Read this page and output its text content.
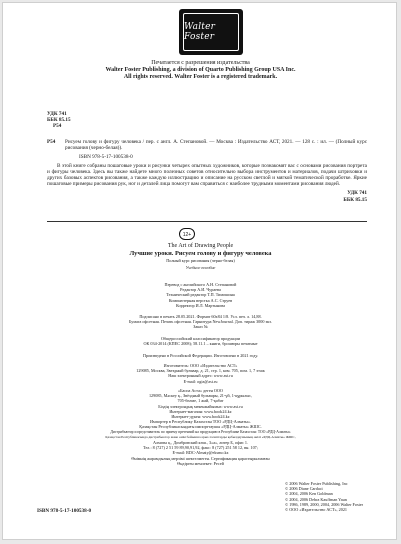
Walter Foster
Печатается с разрешения издательства
Walter Foster Publishing, a division of Quarto Publishing Group USA Inc.
All rights reserved. Walter Foster is a registered trademark.
УДК 741
ББК 85.15
Р54
Р54 Рисуем голову и фигуру человека / пер. с англ. А. Степановой. — Москва : Издательство АСТ, 2021. — 128 с. : ил. — (Полный курс рисования (черно-белая)).
ISBN 978-5-17-100538-0
В этой книге собраны пошаговые уроки и рисунки четырех опытных художников, которые познакомят вас с основами рисования портрета и фигуры человека. Здесь вы также найдете много полезных советов относительно выбора инструментов и материалов, подачи штриховки и других базовых аспектов рисования, а также каждую иллюстрацию и описание на русском светлой и мягкой тематической проработке. Яркие пошаговые примеры рисования рук, ног и деталей лица помогут вам справиться с наиболее трудными моментами рисования людей.
УДК 741
ББК 85.15
12+
The Art of Drawing People
Лучшие уроки. Рисуем голову и фигуру человека
Полный курс рисования (черно-белая)
Учебное пособие
Перевод с английского А.Н. Степановой
Редактор А.И. Чураева
Технический редактор Т.П. Тимошина
Компьютерная верстка А.С. Струев
Корректор И.Л. Мартынова
Подписано в печать 28.05.2021. Формат 60x84 1/8. Усл. печ. л. 14,88.
Бумага офсетная. Печать офсетная. Гарнитура NewJournal. Доп. тираж 3000 экз.
Заказ №
Общероссийский классификатор продукции
ОК 034-2014 (КПЕС 2008); 58.11.1 – книги, брошюры печатные
Произведено в Российской Федерации. Изготовлено в 2021 году.
Изготовитель: ООО «Издательство АСТ»
129085, Москва, Звездный бульвар, д. 21, стр. 1, ком. 705, пом. 1, 7 этаж
Наш электронный адрес: www.ast.ru
E-mail: ogiz@ast.ru
«Баспа Аста» деген ООО
129085, Мәскеу қ., Звёздный бульвары, 21-үй, 1-құрылыс,
705-бөлме, 1 жай, 7-қабат
Біздің электрондық мекенжайымыз: www.ast.ru
Интернет-магазин: www.book24.kz
Интернет-дүкен: www.book24.kz
Импортер в Республику Казахстан ТОО «РДЦ-Алматы».
Қазақстан Республикасындағы импорттаушы «РДЦ-Алматы» ЖШС.
Дистрибьютор и представитель по приему претензий на продукцию в Республике Казахстан: ТОО «РДЦ-Алматы»
Қазақстан Республикасында дистрибьютор және өнім бойынша арыз-талаптарды қабылдаушының өкілі «РДЦ-Алматы» ЖШС,
Алматы қ., Домбровский көш., 3«а», литер Б, офис 1.
Тел.: 8 (727) 2 51 59 89,90,91,92, факс: 8 (727) 251 58 12, вн. 107;
E-mail: RDC-Almaty@eksmo.kz
Өнімнің жарамдылық мерзімі шектелмеген. Сертификация қарастырылмаған
Өндірген мемлекет: Ресей
ISBN 978-5-17-100538-0
© 2006 Walter Foster Publishing, Inc
© 2006 Diane Cardaci
© 2004, 2006 Ken Goldman
© 2004, 2006 Debra Kauffman Yaun
© 1986, 1989, 2000, 2004, 2006 Walter Foster
© ООО «Издательство АСТ», 2021
